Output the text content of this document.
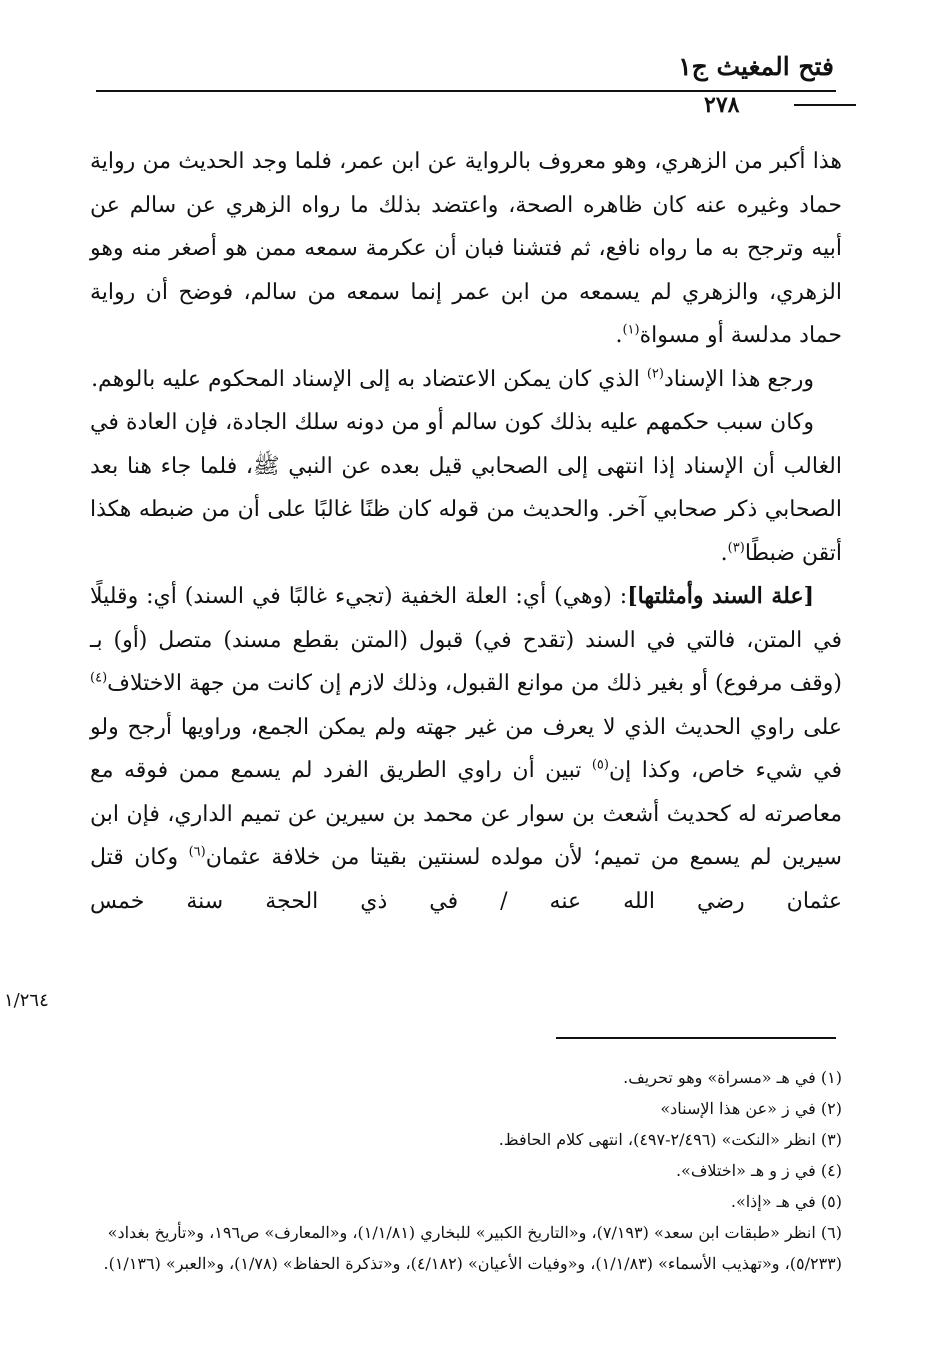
فتح المغيث ج١
٢٧٨

هذا أكبر من الزهري، وهو معروف بالرواية عن ابن عمر، فلما وجد الحديث من رواية حماد وغيره عنه كان ظاهره الصحة، واعتضد بذلك ما رواه الزهري عن سالم عن أبيه وترجح به ما رواه نافع، ثم فتشنا فبان أن عكرمة سمعه ممن هو أصغر منه وهو الزهري، والزهري لم يسمعه من ابن عمر إنما سمعه من سالم، فوضح أن رواية حماد مدلسة أو مسواة$^{(١)}$.

ورجع هذا الإسناد$^{(٢)}$ الذي كان يمكن الاعتضاد به إلى الإسناد المحكوم عليه بالوهم.

وكان سبب حكمهم عليه بذلك كون سالم أو من دونه سلك الجادة، فإن العادة في الغالب أن الإسناد إذا انتهى إلى الصحابي قيل بعده عن النبي ﷺ، فلما جاء هنا بعد الصحابي ذكر صحابي آخر. والحديث من قوله كان ظنًا غالبًا على أن من ضبطه هكذا أتقن ضبطًا$^{(٣)}$.

[علة السند وأمثلتها]: (وهي) أي: العلة الخفية (تجيء غالبًا في السند) أي: وقليلًا في المتن، فالتي في السند (تقدح في) قبول (المتن بقطع مسند) متصل (أو) بـ (وقف مرفوع) أو بغير ذلك من موانع القبول، وذلك لازم إن كانت من جهة الاختلاف$^{(٤)}$ على راوي الحديث الذي لا يعرف من غير جهته ولم يمكن الجمع، وراويها أرجح ولو في شيء خاص، وكذا إن$^{(٥)}$ تبين أن راوي الطريق الفرد لم يسمع ممن فوقه مع معاصرته له كحديث أشعث بن سوار عن محمد بن سيرين عن تميم الداري، فإن ابن سيرين لم يسمع من تميم؛ لأن مولده لسنتين بقيتا من خلافة عثمان$^{(٦)}$ وكان قتل عثمان رضي الله عنه / في ذي الحجة سنة خمس

١/٢٦٤

(١) في هـ «مسراة» وهو تحريف.

(٢) في ز «عن هذا الإسناد»

(٣) انظر «النكت» (٢/٤٩٦-٤٩٧)، انتهى كلام الحافظ.

(٤) في ز و هـ «اختلاف».

(٥) في هـ «إذا».

(٦) انظر «طبقات ابن سعد» (٧/١٩٣)، و«التاريخ الكبير» للبخاري (١/١/٨١)، و«المعارف» ص١٩٦، و«تأريخ بغداد» (٥/٢٣٣)، و«تهذيب الأسماء» (١/١/٨٣)، و«وفيات الأعيان» (٤/١٨٢)، و«تذكرة الحفاظ» (١/٧٨)، و«العبر» (١/١٣٦).
